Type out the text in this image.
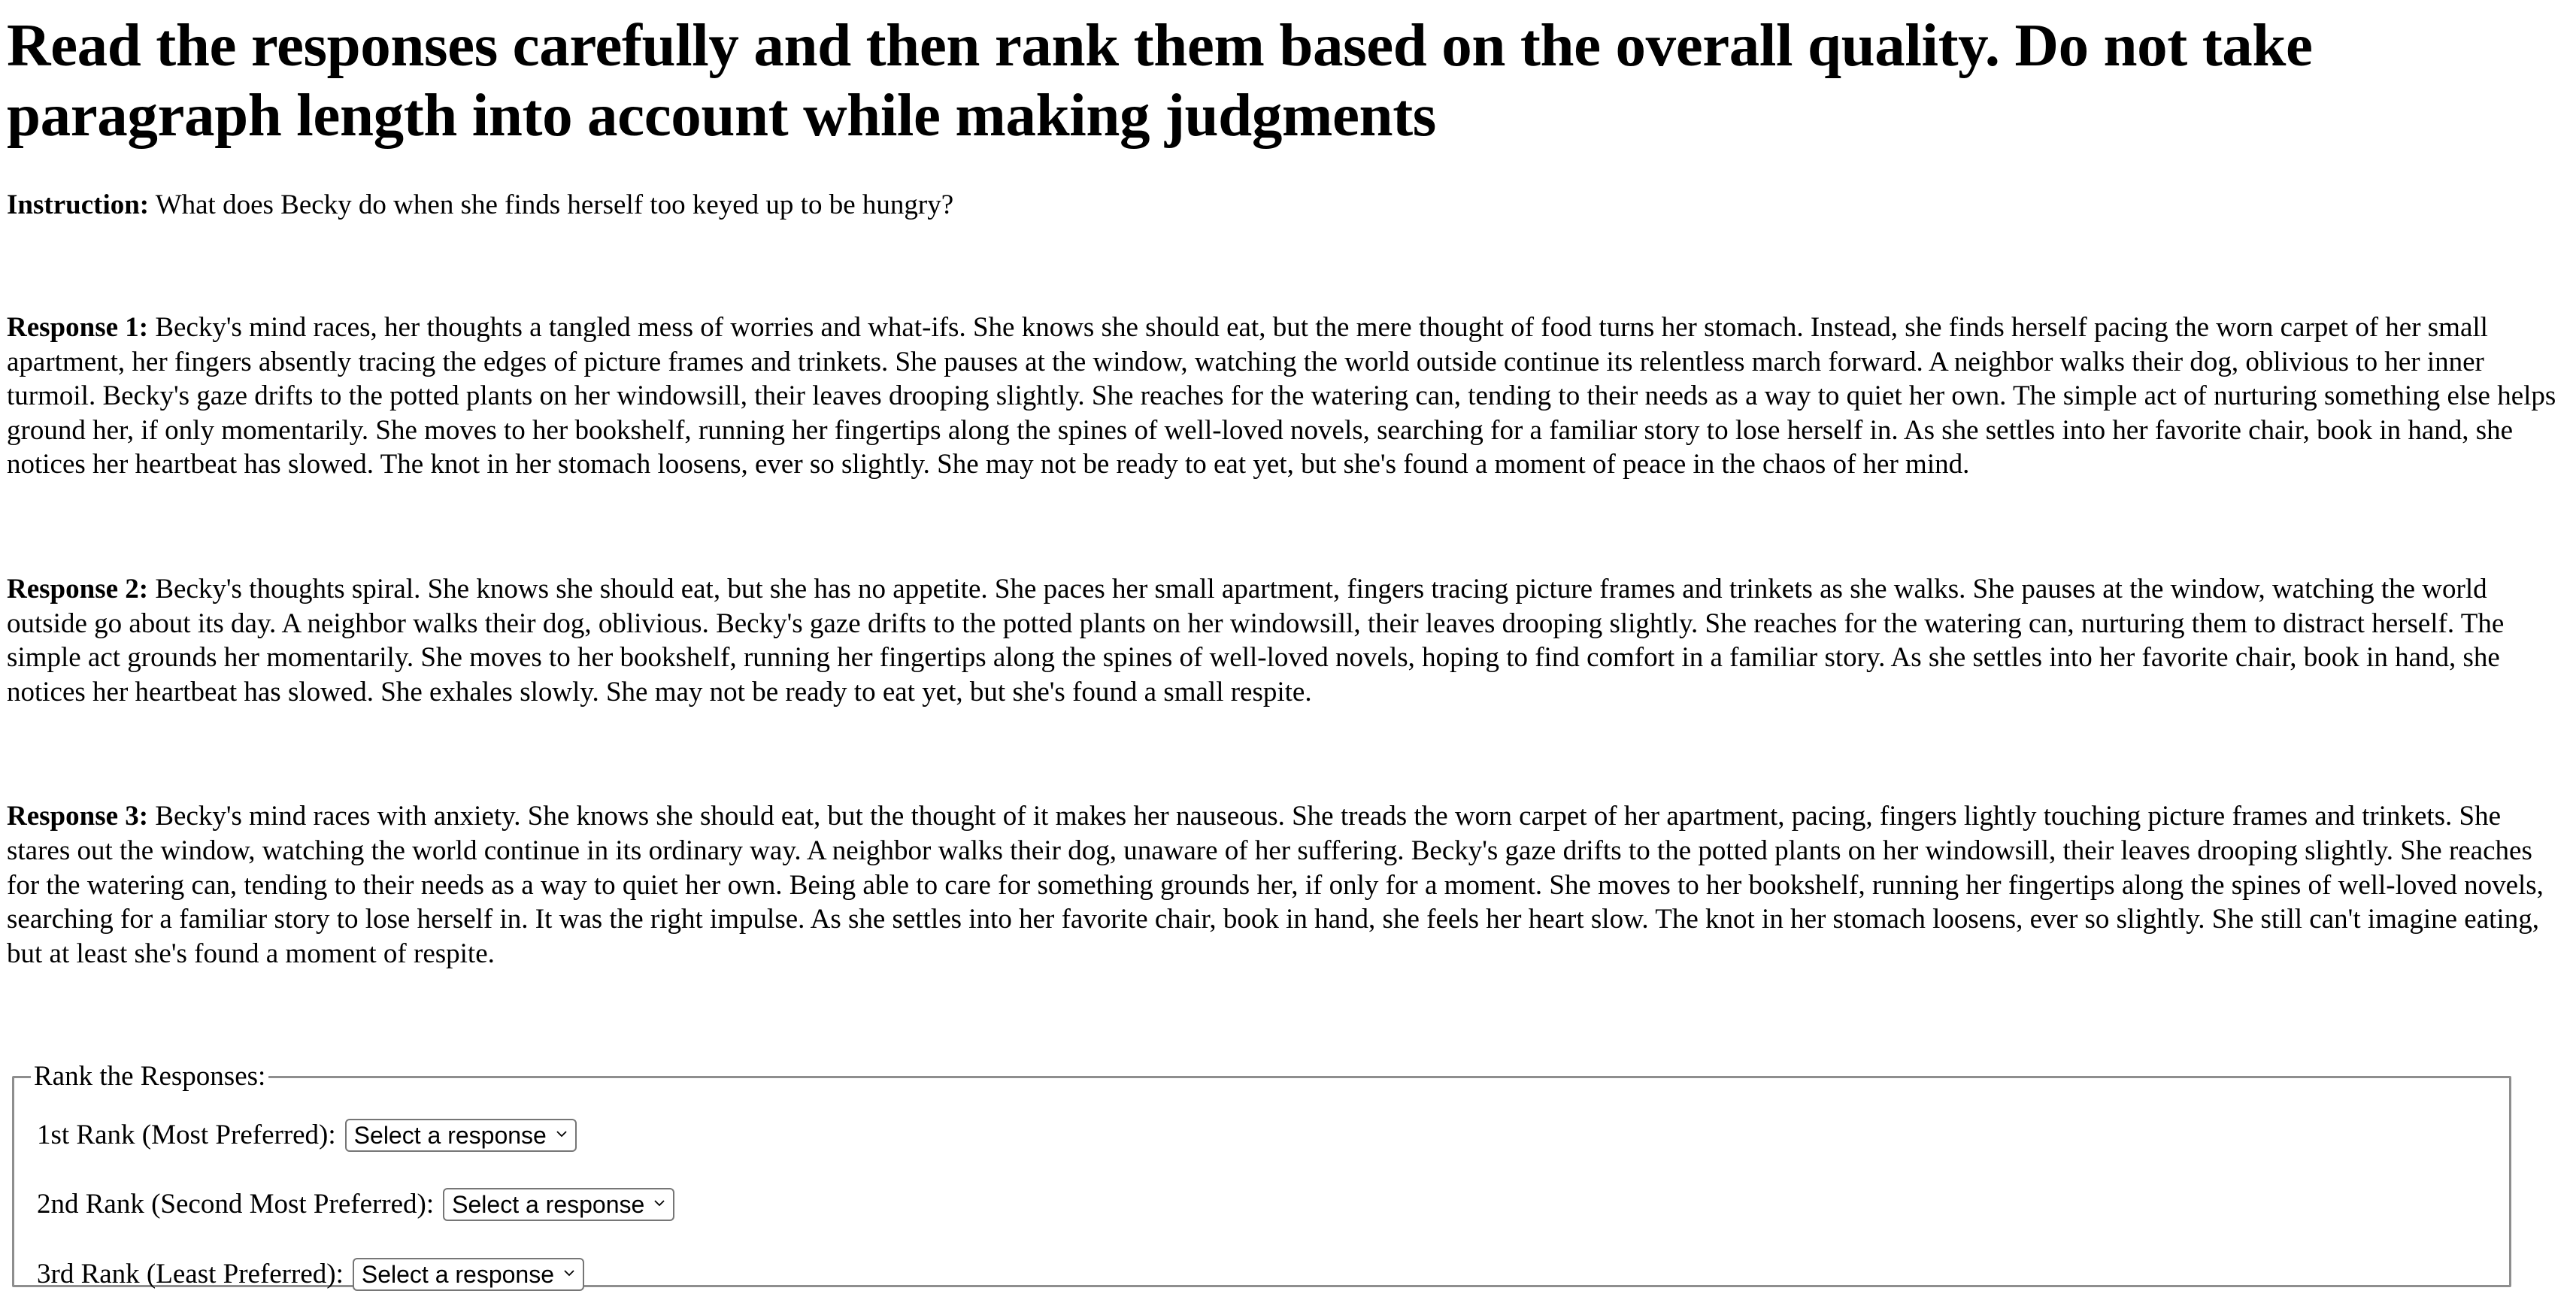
Read the responses carefully and then rank them based on the overall quality. Do not take paragraph length into account while making judgments

Instruction: What does Becky do when she finds herself too keyed up to be hungry?

Response 1: Becky's mind races, her thoughts a tangled mess of worries and what-ifs. She knows she should eat, but the mere thought of food turns her stomach. Instead, she finds herself pacing the worn carpet of her small apartment, her fingers absently tracing the edges of picture frames and trinkets. She pauses at the window, watching the world outside continue its relentless march forward. A neighbor walks their dog, oblivious to her inner turmoil. Becky's gaze drifts to the potted plants on her windowsill, their leaves drooping slightly. She reaches for the watering can, tending to their needs as a way to quiet her own. The simple act of nurturing something else helps ground her, if only momentarily. She moves to her bookshelf, running her fingertips along the spines of well-loved novels, searching for a familiar story to lose herself in. As she settles into her favorite chair, book in hand, she notices her heartbeat has slowed. The knot in her stomach loosens, ever so slightly. She may not be ready to eat yet, but she's found a moment of peace in the chaos of her mind.

Response 2: Becky's thoughts spiral. She knows she should eat, but she has no appetite. She paces her small apartment, fingers tracing picture frames and trinkets as she walks. She pauses at the window, watching the world outside go about its day. A neighbor walks their dog, oblivious. Becky's gaze drifts to the potted plants on her windowsill, their leaves drooping slightly. She reaches for the watering can, nurturing them to distract herself. The simple act grounds her momentarily. She moves to her bookshelf, running her fingertips along the spines of well-loved novels, hoping to find comfort in a familiar story. As she settles into her favorite chair, book in hand, she notices her heartbeat has slowed. She exhales slowly. She may not be ready to eat yet, but she's found a small respite.

Response 3: Becky's mind races with anxiety. She knows she should eat, but the thought of it makes her nauseous. She treads the worn carpet of her apartment, pacing, fingers lightly touching picture frames and trinkets. She stares out the window, watching the world continue in its ordinary way. A neighbor walks their dog, unaware of her suffering. Becky's gaze drifts to the potted plants on her windowsill, their leaves drooping slightly. She reaches for the watering can, tending to their needs as a way to quiet her own. Being able to care for something grounds her, if only for a moment. She moves to her bookshelf, running her fingertips along the spines of well-loved novels, searching for a familiar story to lose herself in. It was the right impulse. As she settles into her favorite chair, book in hand, she feels her heart slow. The knot in her stomach loosens, ever so slightly. She still can't imagine eating, but at least she's found a moment of respite.

Rank the Responses:
1st Rank (Most Preferred): Select a response
2nd Rank (Second Most Preferred): Select a response
3rd Rank (Least Preferred): Select a response
